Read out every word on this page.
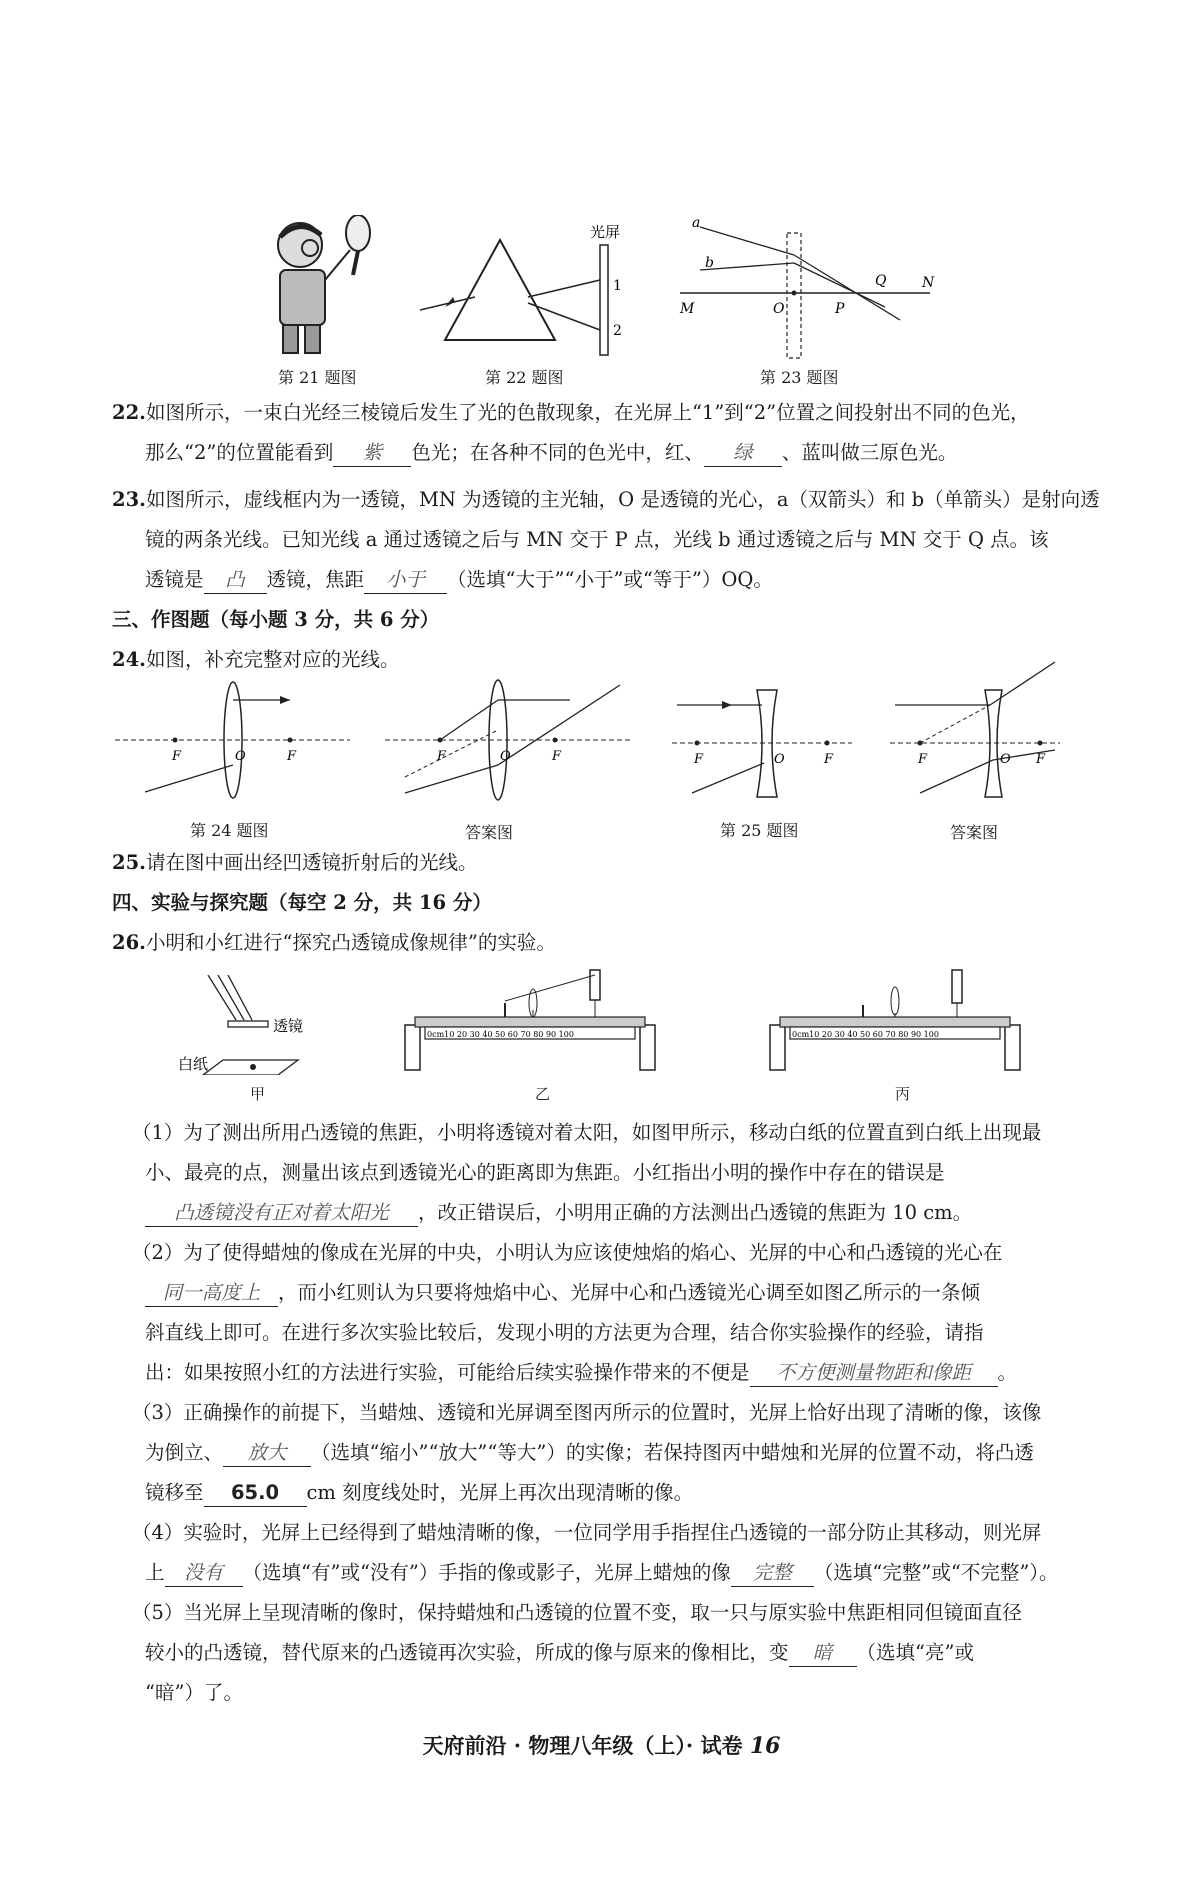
第 21 题图
光屏
1
2
第 22 题图
a
b
M	O	P
Q	N
第 23 题图
22.如图所示，一束白光经三棱镜后发生了光的色散现象，在光屏上“1”到“2”位置之间投射出不同的色光，
那么“2”的位置能看到 紫 色光；在各种不同的色光中，红、 绿 、蓝叫做三原色光。
23.如图所示，虚线框内为一透镜，MN 为透镜的主光轴，O 是透镜的光心，a（双箭头）和 b（单箭头）是射向透
镜的两条光线。已知光线 a 通过透镜之后与 MN 交于 P 点，光线 b 通过透镜之后与 MN 交于 Q 点。该
透镜是 凸 透镜，焦距 小于 （选填“大于”“小于”或“等于”）OQ。
三、作图题（每小题 3 分，共 6 分）
24.如图，补充完整对应的光线。
F	O	F
第 24 题图
F	O	F
答案图
F	O	F
第 25 题图
F	O F
答案图
25.请在图中画出经凹透镜折射后的光线。
四、实验与探究题（每空 2 分，共 16 分）
26.小明和小红进行“探究凸透镜成像规律”的实验。
透镜
白纸
甲
0cm10 20 30 40 50 60 70 80 90 100
乙
0cm10 20 30 40 50 60 70 80 90 100
丙
（1）为了测出所用凸透镜的焦距，小明将透镜对着太阳，如图甲所示，移动白纸的位置直到白纸上出现最
小、最亮的点，测量出该点到透镜光心的距离即为焦距。小红指出小明的操作中存在的错误是
凸透镜没有正对着太阳光 ，改正错误后，小明用正确的方法测出凸透镜的焦距为 10 cm。
（2）为了使得蜡烛的像成在光屏的中央，小明认为应该使烛焰的焰心、光屏的中心和凸透镜的光心在
同一高度上 ，而小红则认为只要将烛焰中心、光屏中心和凸透镜光心调至如图乙所示的一条倾
斜直线上即可。在进行多次实验比较后，发现小明的方法更为合理，结合你实验操作的经验，请指
出：如果按照小红的方法进行实验，可能给后续实验操作带来的不便是 不方便测量物距和像距 。
（3）正确操作的前提下，当蜡烛、透镜和光屏调至图丙所示的位置时，光屏上恰好出现了清晰的像，该像
为倒立、 放大 （选填“缩小”“放大”“等大”）的实像；若保持图丙中蜡烛和光屏的位置不动，将凸透
镜移至 65.0 cm 刻度线处时，光屏上再次出现清晰的像。
（4）实验时，光屏上已经得到了蜡烛清晰的像，一位同学用手指捏住凸透镜的一部分防止其移动，则光屏
上 没有 （选填“有”或“没有”）手指的像或影子，光屏上蜡烛的像 完整 （选填“完整”或“不完整”）。
（5）当光屏上呈现清晰的像时，保持蜡烛和凸透镜的位置不变，取一只与原实验中焦距相同但镜面直径
较小的凸透镜，替代原来的凸透镜再次实验，所成的像与原来的像相比，变 暗 （选填“亮”或
“暗”）了。
天府前沿 · 物理八年级（上）· 试卷 16
